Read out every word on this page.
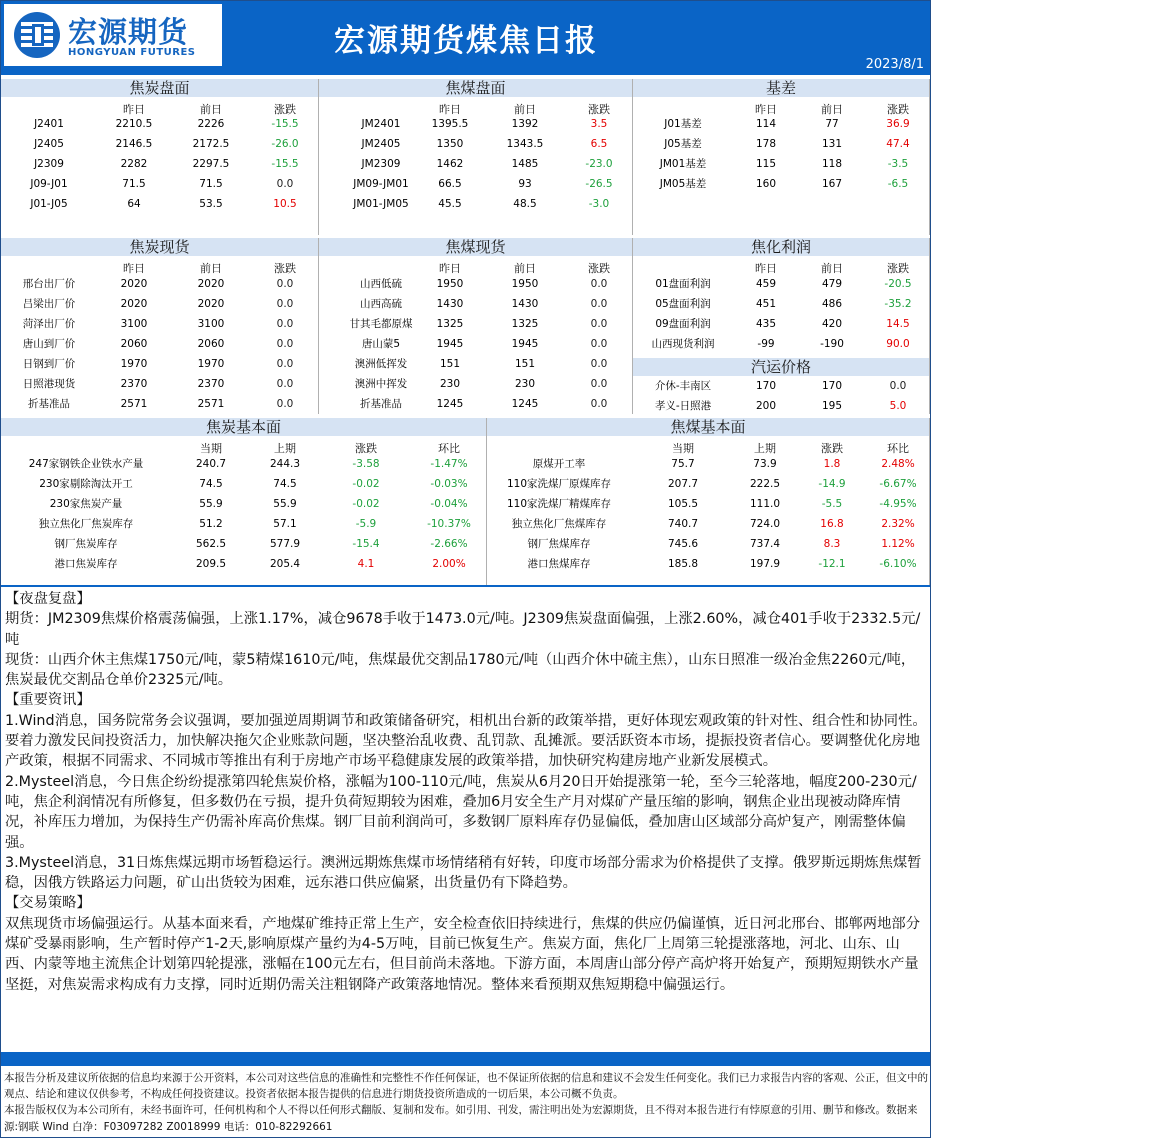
宏源期货
HONGYUAN FUTURES	宏源期货煤焦日报
2023/8/1
焦炭盘面
昨日	前日	涨跌
J2401	2210.5	2226	-15.5
J2405	2146.5	2172.5	-26.0
J2309	2282	2297.5	-15.5
J09-J01	71.5	71.5	0.0
J01-J05	64	53.5	10.5
焦煤盘面
昨日	前日	涨跌
JM2401	1395.5	1392	3.5
JM2405	1350	1343.5	6.5
JM2309	1462	1485	-23.0
JM09-JM01	66.5	93	-26.5
JM01-JM05	45.5	48.5	-3.0
基差
昨日	前日	涨跌
J01基差	114	77	36.9
J05基差	178	131	47.4
JM01基差	115	118	-3.5
JM05基差	160	167	-6.5
焦炭现货
昨日	前日	涨跌
邢台出厂价	2020	2020	0.0
吕梁出厂价	2020	2020	0.0
菏泽出厂价	3100	3100	0.0
唐山到厂价	2060	2060	0.0
日钢到厂价	1970	1970	0.0
日照港现货	2370	2370	0.0
折基准品	2571	2571	0.0
焦煤现货
昨日	前日	涨跌
山西低硫	1950	1950	0.0
山西高硫	1430	1430	0.0
甘其毛都原煤	1325	1325	0.0
唐山蒙5	1945	1945	0.0
澳洲低挥发	151	151	0.0
澳洲中挥发	230	230	0.0
折基准品	1245	1245	0.0
焦化利润
昨日	前日	涨跌
01盘面利润	459	479	-20.5
05盘面利润	451	486	-35.2
09盘面利润	435	420	14.5
山西现货利润	-99	-190	90.0
汽运价格
介休-丰南区	170	170	0.0
孝义-日照港	200	195	5.0
焦炭基本面
当期	上期	涨跌	环比
247家钢铁企业铁水产量	240.7	244.3	-3.58	-1.47%
230家剔除淘汰开工	74.5	74.5	-0.02	-0.03%
230家焦炭产量	55.9	55.9	-0.02	-0.04%
独立焦化厂焦炭库存	51.2	57.1	-5.9	-10.37%
钢厂焦炭库存	562.5	577.9	-15.4	-2.66%
港口焦炭库存	209.5	205.4	4.1	2.00%
焦煤基本面
当期	上期	涨跌	环比
原煤开工率	75.7	73.9	1.8	2.48%
110家洗煤厂原煤库存	207.7	222.5	-14.9	-6.67%
110家洗煤厂精煤库存	105.5	111.0	-5.5	-4.95%
独立焦化厂焦煤库存	740.7	724.0	16.8	2.32%
钢厂焦煤库存	745.6	737.4	8.3	1.12%
港口焦煤库存	185.8	197.9	-12.1	-6.10%

【夜盘复盘】

期货：JM2309焦煤价格震荡偏强，上涨1.17%，减仓9678手收于1473.0元/吨。J2309焦炭盘面偏强，上涨2.60%，减仓401手收于2332.5元/吨

现货：山西介休主焦煤1750元/吨，蒙5精煤1610元/吨，焦煤最优交割品1780元/吨（山西介休中硫主焦），山东日照准一级冶金焦2260元/吨，焦炭最优交割品仓单价2325元/吨。

【重要资讯】

1.Wind消息，国务院常务会议强调，要加强逆周期调节和政策储备研究，相机出台新的政策举措，更好体现宏观政策的针对性、组合性和协同性。要着力激发民间投资活力，加快解决拖欠企业账款问题，坚决整治乱收费、乱罚款、乱摊派。要活跃资本市场，提振投资者信心。要调整优化房地产政策，根据不同需求、不同城市等推出有利于房地产市场平稳健康发展的政策举措，加快研究构建房地产业新发展模式。

2.Mysteel消息，今日焦企纷纷提涨第四轮焦炭价格，涨幅为100-110元/吨，焦炭从6月20日开始提涨第一轮，至今三轮落地，幅度200-230元/吨，焦企利润情况有所修复，但多数仍在亏损，提升负荷短期较为困难，叠加6月安全生产月对煤矿产量压缩的影响，钢焦企业出现被动降库情况，补库压力增加，为保持生产仍需补库高价焦煤。钢厂目前利润尚可，多数钢厂原料库存仍显偏低，叠加唐山区域部分高炉复产，刚需整体偏强。

3.Mysteel消息，31日炼焦煤远期市场暂稳运行。澳洲远期炼焦煤市场情绪稍有好转，印度市场部分需求为价格提供了支撑。俄罗斯远期炼焦煤暂稳，因俄方铁路运力问题，矿山出货较为困难，远东港口供应偏紧，出货量仍有下降趋势。

【交易策略】

双焦现货市场偏强运行。从基本面来看，产地煤矿维持正常上生产，安全检查依旧持续进行，焦煤的供应仍偏谨慎，近日河北邢台、邯郸两地部分煤矿受暴雨影响，生产暂时停产1-2天,影响原煤产量约为4-5万吨，目前已恢复生产。焦炭方面，焦化厂上周第三轮提涨落地，河北、山东、山西、内蒙等地主流焦企计划第四轮提涨，涨幅在100元左右，但目前尚未落地。下游方面，本周唐山部分停产高炉将开始复产，预期短期铁水产量坚挺，对焦炭需求构成有力支撑，同时近期仍需关注粗钢降产政策落地情况。整体来看预期双焦短期稳中偏强运行。

本报告分析及建议所依据的信息均来源于公开资料，本公司对这些信息的准确性和完整性不作任何保证，也不保证所依据的信息和建议不会发生任何变化。我们已力求报告内容的客观、公正，但文中的观点、结论和建议仅供参考，不构成任何投资建议。投资者依据本报告提供的信息进行期货投资所造成的一切后果，本公司概不负责。

本报告版权仅为本公司所有，未经书面许可，任何机构和个人不得以任何形式翻版、复制和发布。如引用、刊发，需注明出处为宏源期货，且不得对本报告进行有悖原意的引用、删节和修改。数据来源:钢联 Wind 白净：F03097282 Z0018999 电话：010-82292661
